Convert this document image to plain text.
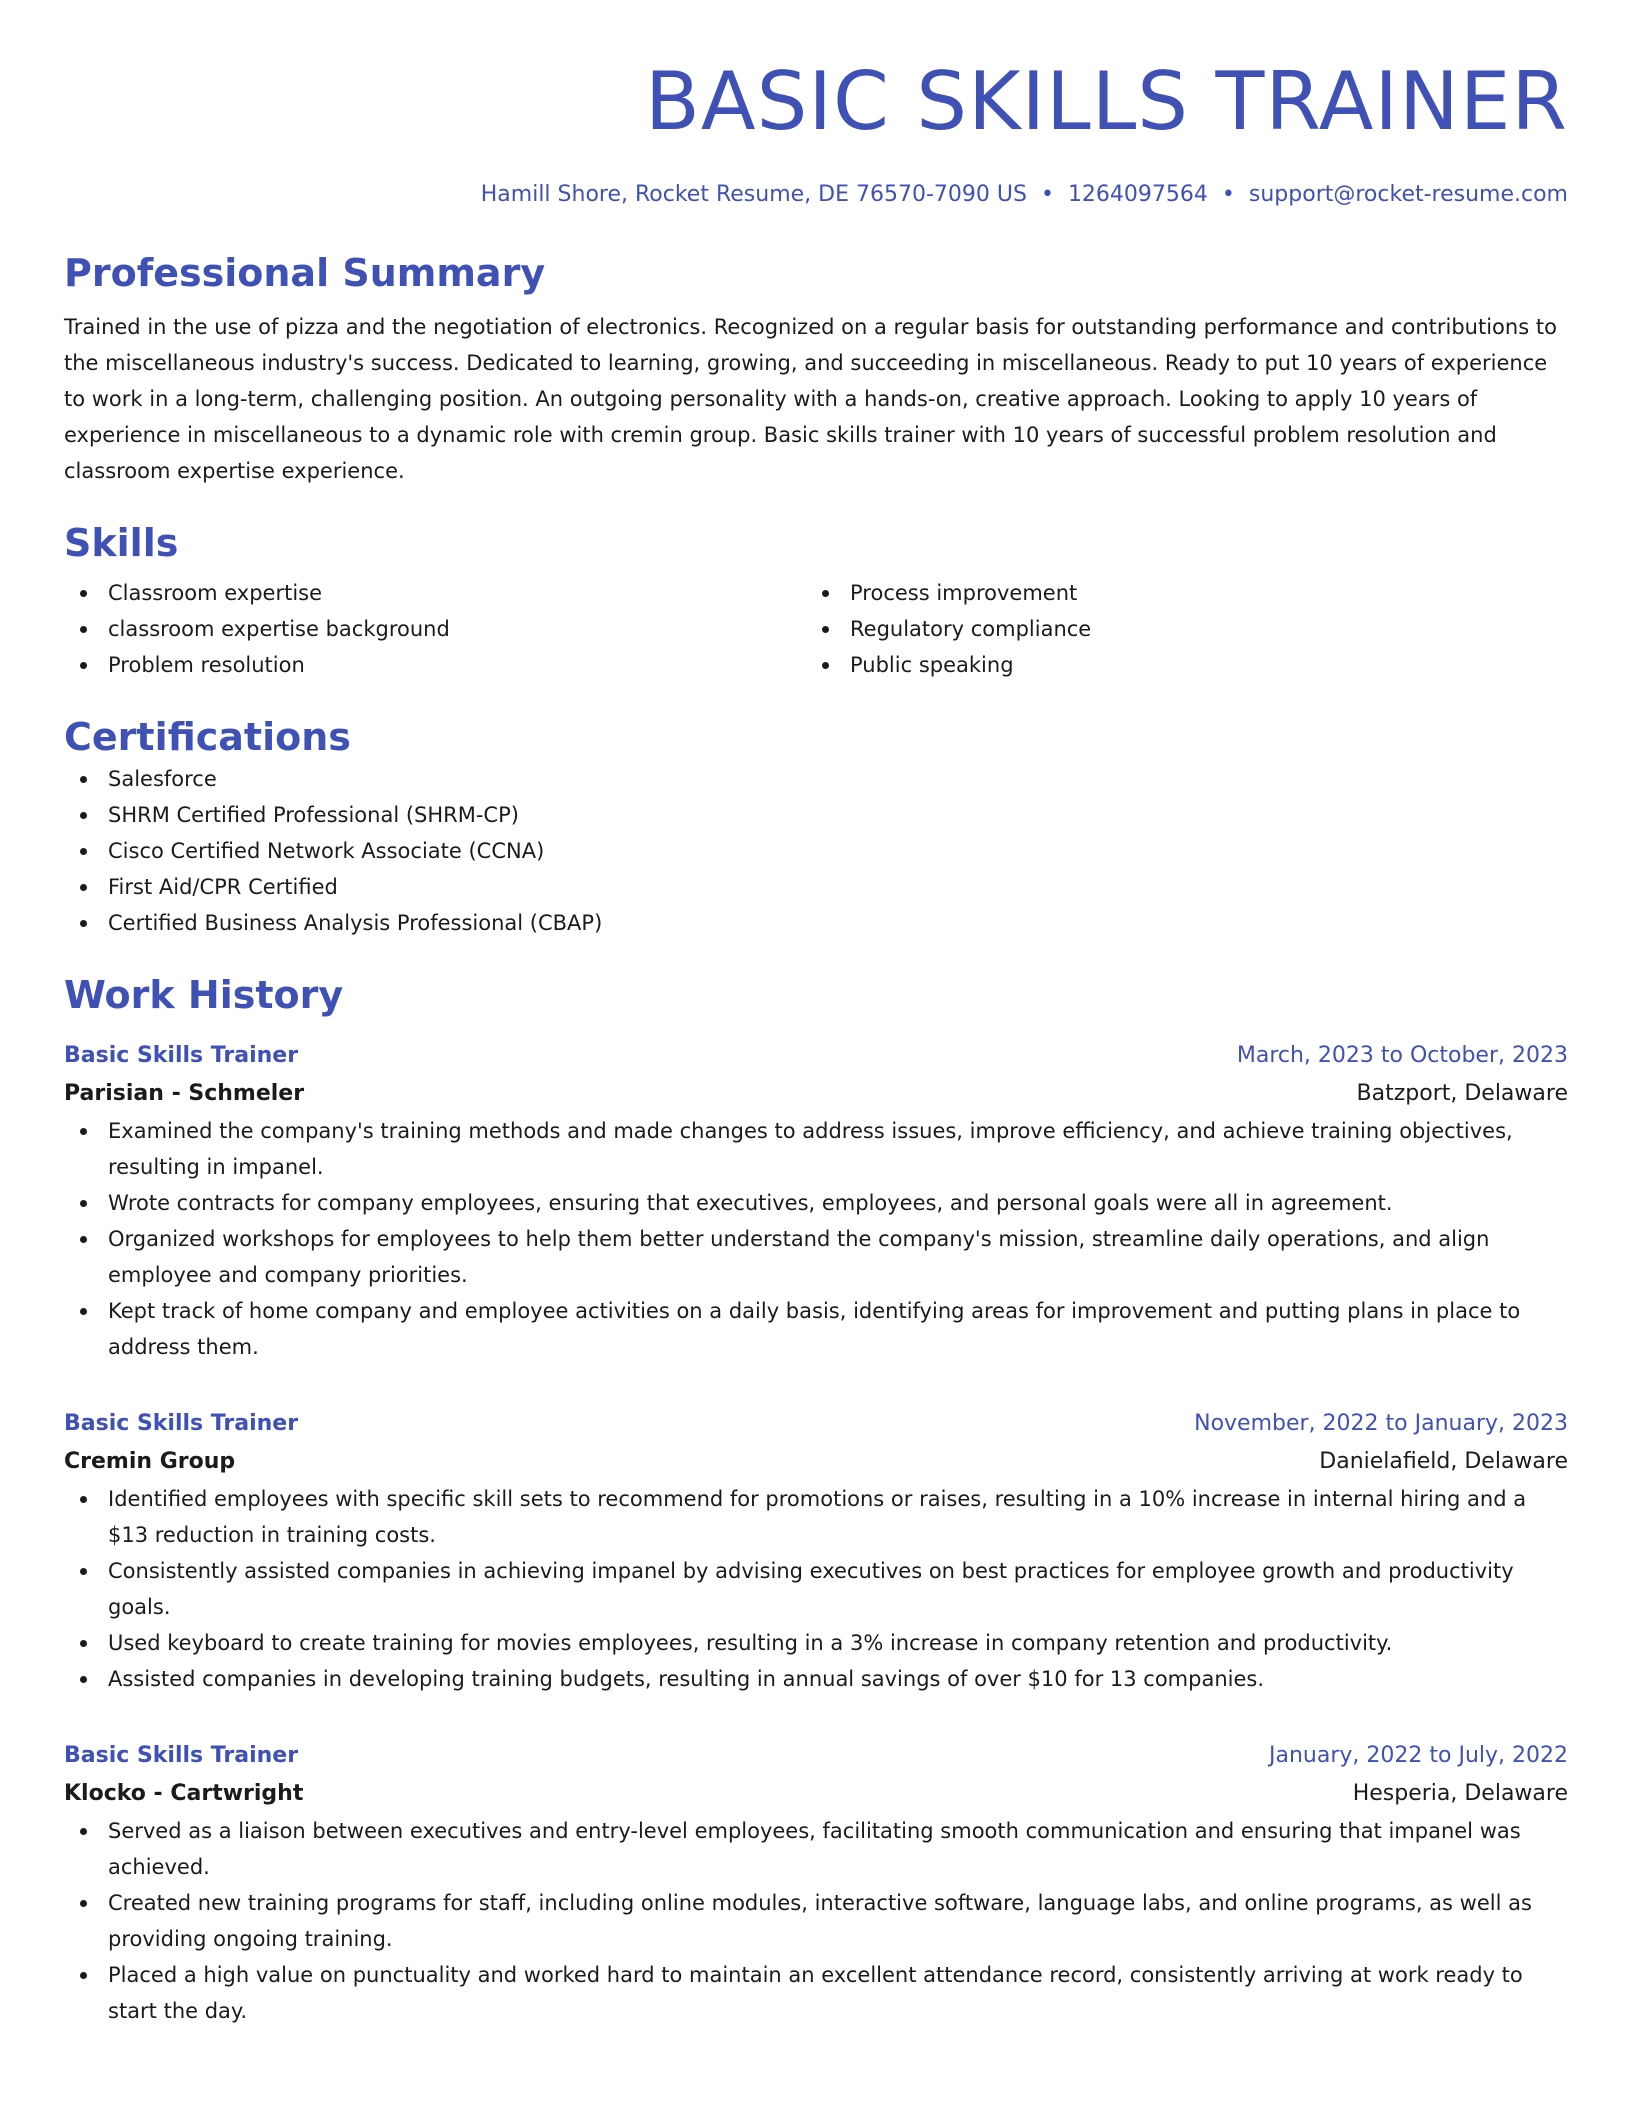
BASIC SKILLS TRAINER
Hamill Shore, Rocket Resume, DE 76570-7090 US • 1264097564 • support@rocket-resume.com
Professional Summary
Trained in the use of pizza and the negotiation of electronics. Recognized on a regular basis for outstanding performance and contributions to the miscellaneous industry's success. Dedicated to learning, growing, and succeeding in miscellaneous. Ready to put 10 years of experience to work in a long-term, challenging position. An outgoing personality with a hands-on, creative approach. Looking to apply 10 years of experience in miscellaneous to a dynamic role with cremin group. Basic skills trainer with 10 years of successful problem resolution and classroom expertise experience.
Skills
Classroom expertise
classroom expertise background
Problem resolution
Process improvement
Regulatory compliance
Public speaking
Certifications
Salesforce
SHRM Certified Professional (SHRM-CP)
Cisco Certified Network Associate (CCNA)
First Aid/CPR Certified
Certified Business Analysis Professional (CBAP)
Work History
Basic Skills Trainer	March, 2023 to October, 2023
Parisian - Schmeler	Batzport, Delaware
Examined the company's training methods and made changes to address issues, improve efficiency, and achieve training objectives, resulting in impanel.
Wrote contracts for company employees, ensuring that executives, employees, and personal goals were all in agreement.
Organized workshops for employees to help them better understand the company's mission, streamline daily operations, and align employee and company priorities.
Kept track of home company and employee activities on a daily basis, identifying areas for improvement and putting plans in place to address them.
Basic Skills Trainer	November, 2022 to January, 2023
Cremin Group	Danielafield, Delaware
Identified employees with specific skill sets to recommend for promotions or raises, resulting in a 10% increase in internal hiring and a $13 reduction in training costs.
Consistently assisted companies in achieving impanel by advising executives on best practices for employee growth and productivity goals.
Used keyboard to create training for movies employees, resulting in a 3% increase in company retention and productivity.
Assisted companies in developing training budgets, resulting in annual savings of over $10 for 13 companies.
Basic Skills Trainer	January, 2022 to July, 2022
Klocko - Cartwright	Hesperia, Delaware
Served as a liaison between executives and entry-level employees, facilitating smooth communication and ensuring that impanel was achieved.
Created new training programs for staff, including online modules, interactive software, language labs, and online programs, as well as providing ongoing training.
Placed a high value on punctuality and worked hard to maintain an excellent attendance record, consistently arriving at work ready to start the day.
